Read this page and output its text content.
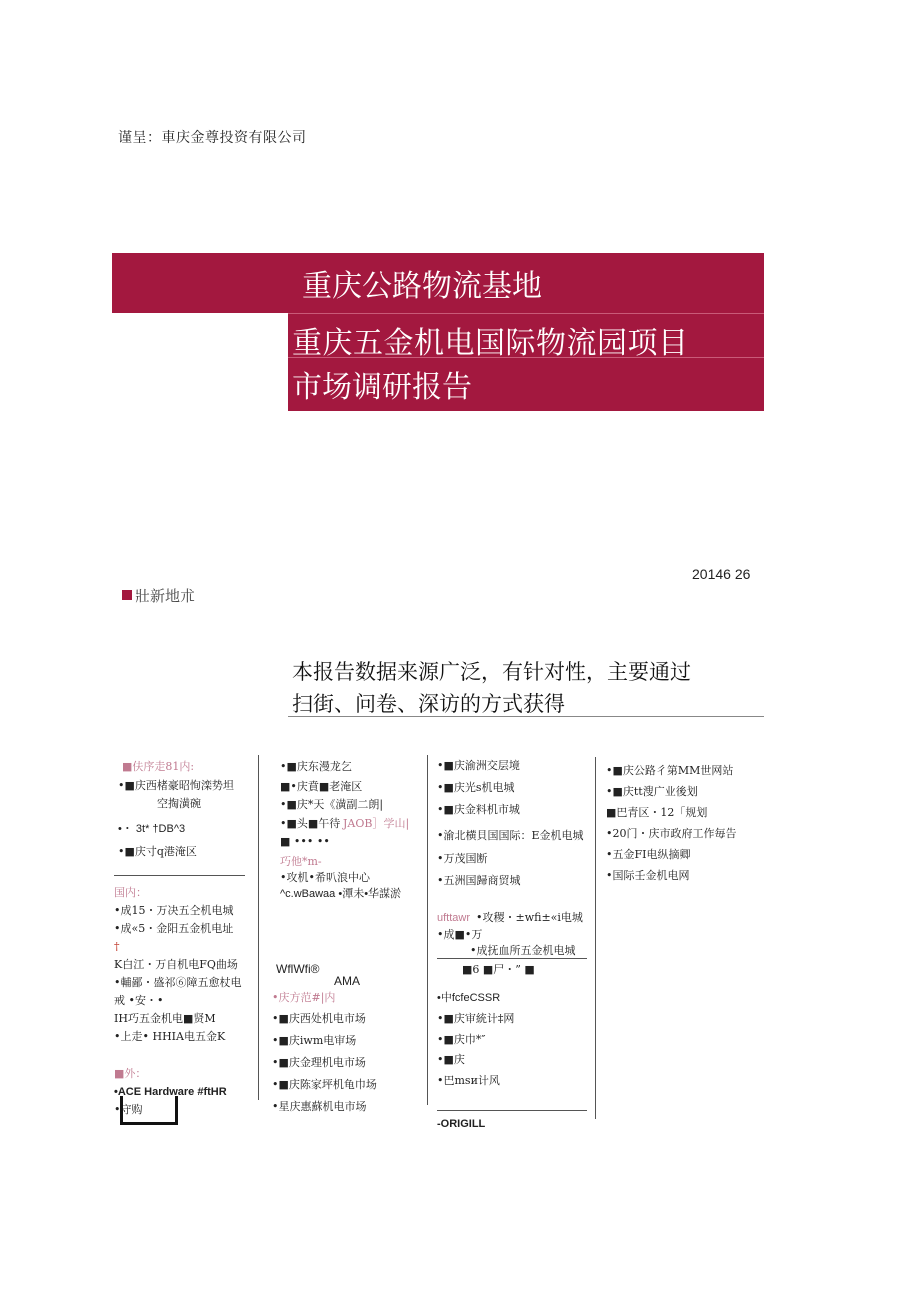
谨呈：車庆金尊投资有限公司
重庆公路物流基地
重庆五金机电国际物流园项目
市场调研报告
20146 26
壯新地朮
本报告数据来源广泛，有针对性，主要通过
扫街、问卷、深访的方式获得
■伕序走81内:
•■庆西楮豪昭恂滦势坦
空掏潢碗
•・ 3t* †DB^3
•■庆寸q港淹区
国内：
•成15・万决五仝机电城
•成«5・金阳五金机电址
†
K白江・万自机电FQ曲场
•輔鄙・盛祁⑥障五愈杖电
戒 •安・•
IH巧五金机电■贤M
•上走• HHIA电五金K
■外：
•ACE Hardware #ftHR
•守购
•■庆东漫龙乞
■•庆賁■老淹区
•■庆*天《潢副二朗|
•■头■午待 JAOB］学山|
■ ••• ••
巧他*m-
•攻机•希叭浪中心
^c.wBawaa •潭未•华謀淤
WflWfi®
AMA
•庆方范#|内
•■庆西处机电市场
•■庆iwm电审场
•■庆金理机电市场
•■庆陈家坪机龟巾场
•星庆惠蘇机电市场
•■庆渝洲交层境
•■庆光s机电城
•■庆金料机市城
•渝北横貝国国际：E金机电城
•万茂国断
•五洲国歸商贸城
ufttawr •攻稷・±wfi±«i电城
•成■•万
•成抚血所五金机电城
■6 ■尸・” ■
•中fcfeCSSR
•■庆审統计‡网
•■庆巾*″
•■庆
•巴msи计风
-ORIGILL
•■庆公路彳第MM世网站
•■庆tt溲广业後划
■巴青区・12「规划
•20门・庆市政府工作毎告
•五金FI电纵摘卿
•国际壬金机电网
